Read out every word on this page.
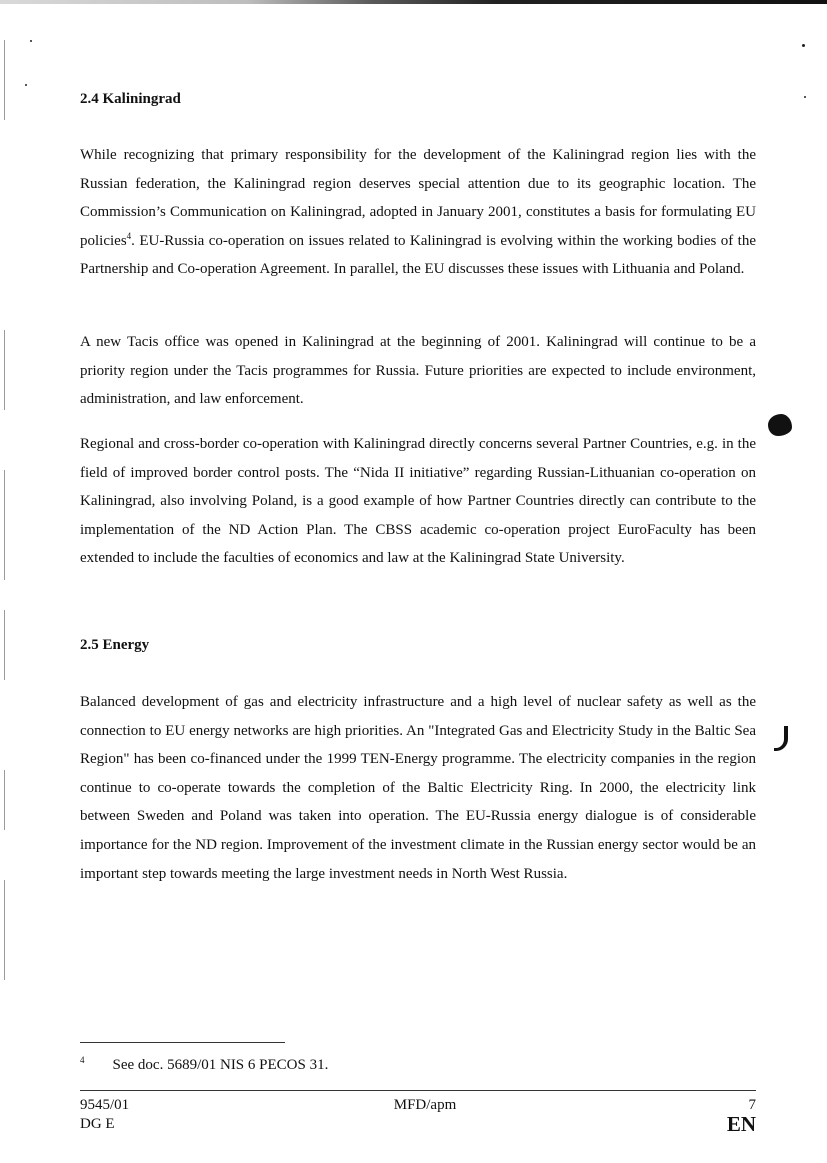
2.4 Kaliningrad

While recognizing that primary responsibility for the development of the Kaliningrad region lies with the Russian federation, the Kaliningrad region deserves special attention due to its geographic location. The Commission’s Communication on Kaliningrad, adopted in January 2001, constitutes a basis for formulating EU policies$^4$. EU-Russia co-operation on issues related to Kaliningrad is evolving within the working bodies of the Partnership and Co-operation Agreement. In parallel, the EU discusses these issues with Lithuania and Poland.

A new Tacis office was opened in Kaliningrad at the beginning of 2001. Kaliningrad will continue to be a priority region under the Tacis programmes for Russia. Future priorities are expected to include environment, administration, and law enforcement.

Regional and cross-border co-operation with Kaliningrad directly concerns several Partner Countries, e.g. in the field of improved border control posts. The “Nida II initiative” regarding Russian-Lithuanian co-operation on Kaliningrad, also involving Poland, is a good example of how Partner Countries directly can contribute to the implementation of the ND Action Plan. The CBSS academic co-operation project EuroFaculty has been extended to include the faculties of economics and law at the Kaliningrad State University.

2.5 Energy

Balanced development of gas and electricity infrastructure and a high level of nuclear safety as well as the connection to EU energy networks are high priorities. An "Integrated Gas and Electricity Study in the Baltic Sea Region" has been co-financed under the 1999 TEN-Energy programme. The electricity companies in the region continue to co-operate towards the completion of the Baltic Electricity Ring. In 2000, the electricity link between Sweden and Poland was taken into operation. The EU-Russia energy dialogue is of considerable importance for the ND region. Improvement of the investment climate in the Russian energy sector would be an important step towards meeting the large investment needs in North West Russia.

$^4$ See doc. 5689/01 NIS 6 PECOS 31.
9545/01
DG E
MFD/apm	7
EN
